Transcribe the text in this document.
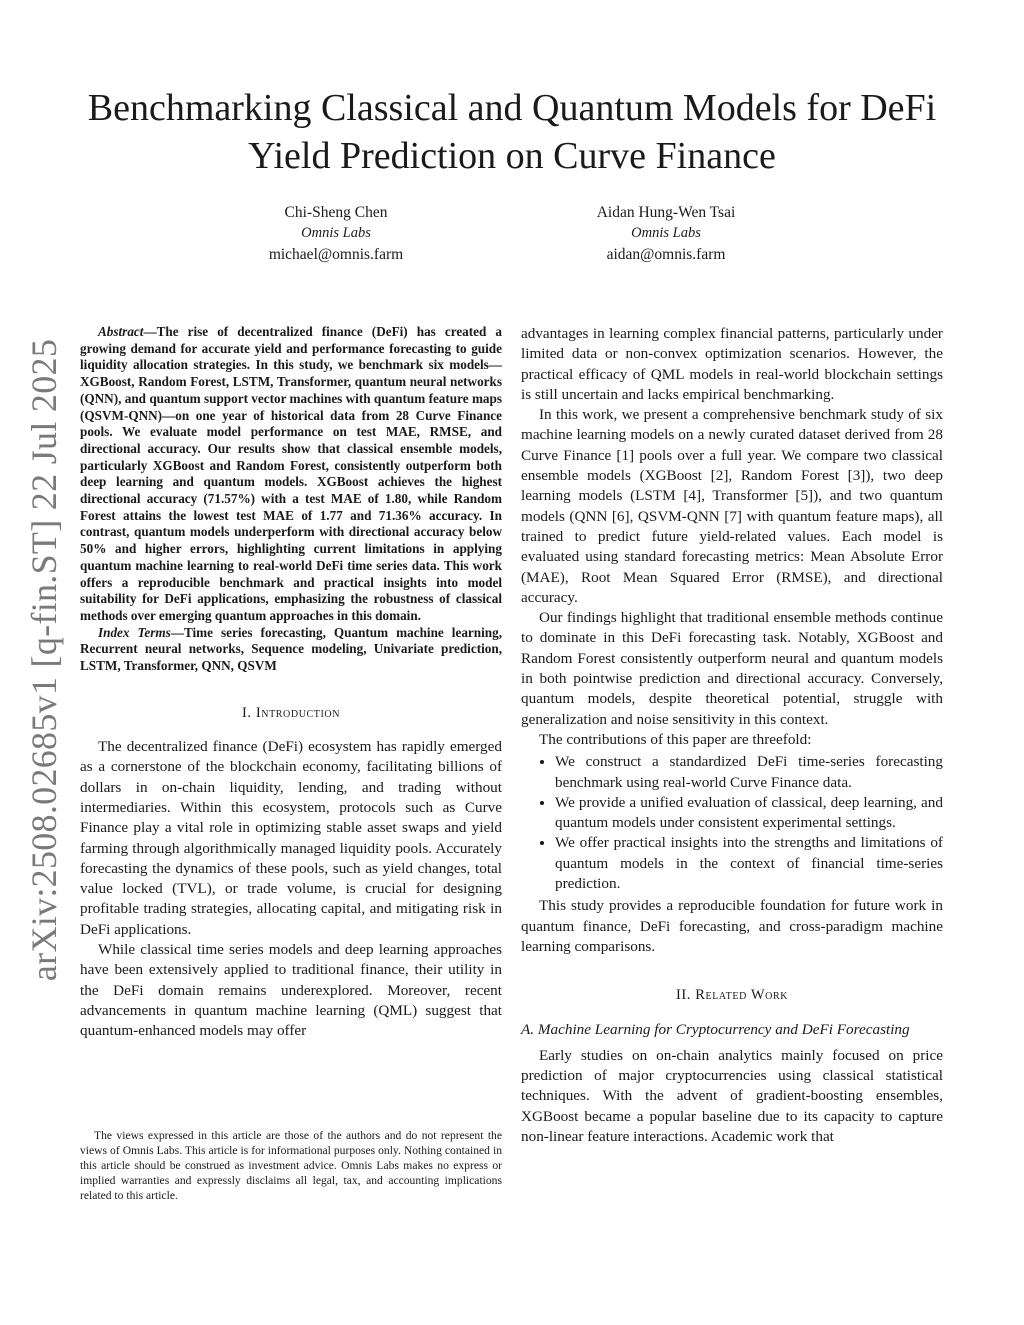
arXiv:2508.02685v1 [q-fin.ST] 22 Jul 2025
Benchmarking Classical and Quantum Models for DeFi Yield Prediction on Curve Finance
Chi-Sheng Chen
Omnis Labs
michael@omnis.farm
Aidan Hung-Wen Tsai
Omnis Labs
aidan@omnis.farm

Abstract—The rise of decentralized finance (DeFi) has created a growing demand for accurate yield and performance forecasting to guide liquidity allocation strategies. In this study, we benchmark six models—XGBoost, Random Forest, LSTM, Transformer, quantum neural networks (QNN), and quantum support vector machines with quantum feature maps (QSVM-QNN)—on one year of historical data from 28 Curve Finance pools. We evaluate model performance on test MAE, RMSE, and directional accuracy. Our results show that classical ensemble models, particularly XGBoost and Random Forest, consistently outperform both deep learning and quantum models. XGBoost achieves the highest directional accuracy (71.57%) with a test MAE of 1.80, while Random Forest attains the lowest test MAE of 1.77 and 71.36% accuracy. In contrast, quantum models underperform with directional accuracy below 50% and higher errors, highlighting current limitations in applying quantum machine learning to real-world DeFi time series data. This work offers a reproducible benchmark and practical insights into model suitability for DeFi applications, emphasizing the robustness of classical methods over emerging quantum approaches in this domain.

Index Terms—Time series forecasting, Quantum machine learning, Recurrent neural networks, Sequence modeling, Univariate prediction, LSTM, Transformer, QNN, QSVM

I. Introduction

The decentralized finance (DeFi) ecosystem has rapidly emerged as a cornerstone of the blockchain economy, facilitating billions of dollars in on-chain liquidity, lending, and trading without intermediaries. Within this ecosystem, protocols such as Curve Finance play a vital role in optimizing stable asset swaps and yield farming through algorithmically managed liquidity pools. Accurately forecasting the dynamics of these pools, such as yield changes, total value locked (TVL), or trade volume, is crucial for designing profitable trading strategies, allocating capital, and mitigating risk in DeFi applications.

While classical time series models and deep learning approaches have been extensively applied to traditional finance, their utility in the DeFi domain remains underexplored. Moreover, recent advancements in quantum machine learning (QML) suggest that quantum-enhanced models may offer

The views expressed in this article are those of the authors and do not represent the views of Omnis Labs. This article is for informational purposes only. Nothing contained in this article should be construed as investment advice. Omnis Labs makes no express or implied warranties and expressly disclaims all legal, tax, and accounting implications related to this article.

advantages in learning complex financial patterns, particularly under limited data or non-convex optimization scenarios. However, the practical efficacy of QML models in real-world blockchain settings is still uncertain and lacks empirical benchmarking.

In this work, we present a comprehensive benchmark study of six machine learning models on a newly curated dataset derived from 28 Curve Finance [1] pools over a full year. We compare two classical ensemble models (XGBoost [2], Random Forest [3]), two deep learning models (LSTM [4], Transformer [5]), and two quantum models (QNN [6], QSVM-QNN [7] with quantum feature maps), all trained to predict future yield-related values. Each model is evaluated using standard forecasting metrics: Mean Absolute Error (MAE), Root Mean Squared Error (RMSE), and directional accuracy.

Our findings highlight that traditional ensemble methods continue to dominate in this DeFi forecasting task. Notably, XGBoost and Random Forest consistently outperform neural and quantum models in both pointwise prediction and directional accuracy. Conversely, quantum models, despite theoretical potential, struggle with generalization and noise sensitivity in this context.

The contributions of this paper are threefold:

• We construct a standardized DeFi time-series forecasting benchmark using real-world Curve Finance data.
• We provide a unified evaluation of classical, deep learning, and quantum models under consistent experimental settings.
• We offer practical insights into the strengths and limitations of quantum models in the context of financial time-series prediction.

This study provides a reproducible foundation for future work in quantum finance, DeFi forecasting, and cross-paradigm machine learning comparisons.

II. Related Work
A. Machine Learning for Cryptocurrency and DeFi Forecasting

Early studies on on-chain analytics mainly focused on price prediction of major cryptocurrencies using classical statistical techniques. With the advent of gradient-boosting ensembles, XGBoost became a popular baseline due to its capacity to capture non-linear feature interactions. Academic work that
